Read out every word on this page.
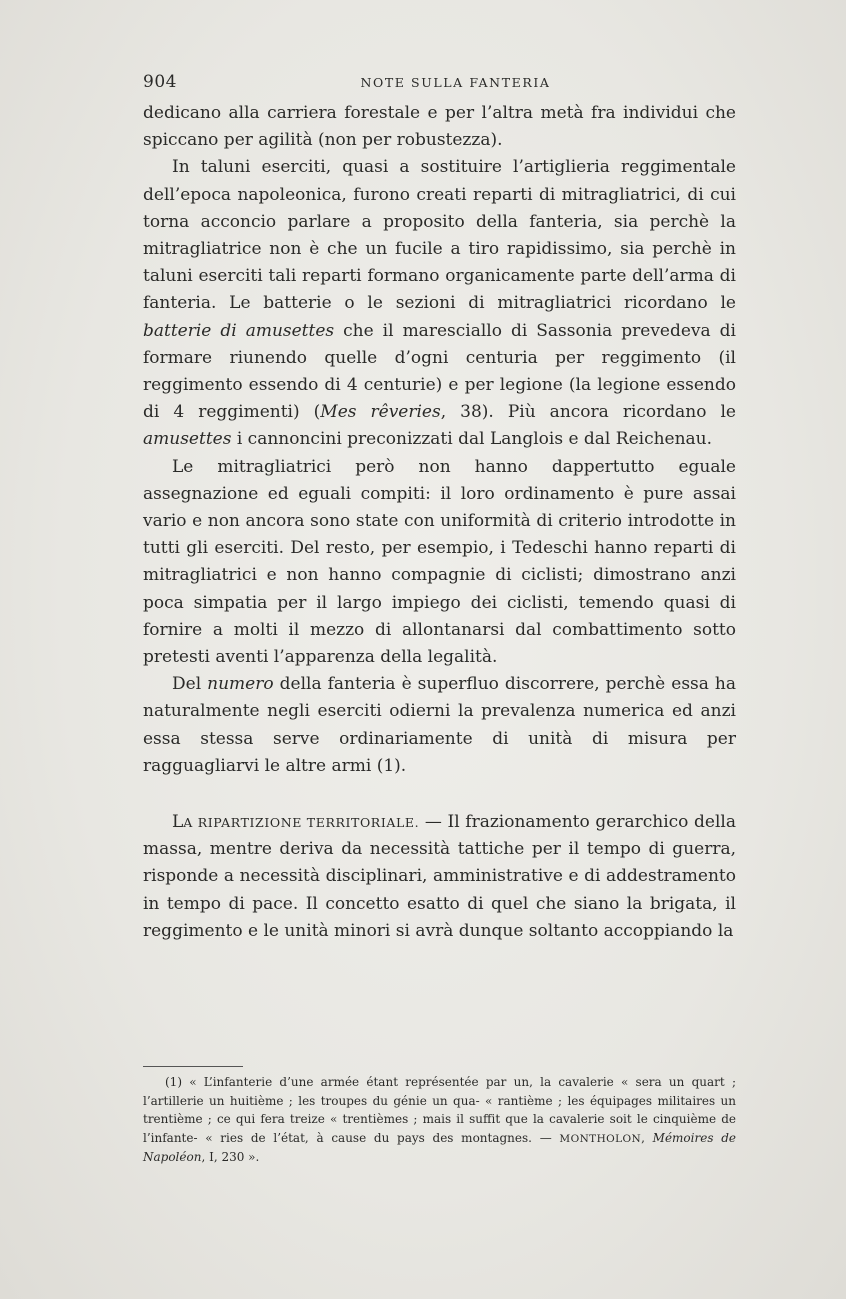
904	NOTE SULLA FANTERIA

dedicano alla carriera forestale e per l’altra metà fra individui che spiccano per agilità (non per robustezza).

In taluni eserciti, quasi a sostituire l’artiglieria reggimentale dell’epoca napoleonica, furono creati reparti di mitragliatrici, di cui torna acconcio parlare a proposito della fanteria, sia perchè la mitragliatrice non è che un fucile a tiro rapidissimo, sia perchè in taluni eserciti tali reparti formano organicamente parte dell’arma di fanteria. Le batterie o le sezioni di mitragliatrici ricordano le batterie di amusettes che il maresciallo di Sassonia prevedeva di formare riunendo quelle d’ogni centuria per reggimento (il reggimento essendo di 4 centurie) e per legione (la legione essendo di 4 reggimenti) (Mes rêveries, 38). Più ancora ricordano le amusettes i cannoncini preconizzati dal Langlois e dal Reichenau.

Le mitragliatrici però non hanno dappertutto eguale assegnazione ed eguali compiti: il loro ordinamento è pure assai vario e non ancora sono state con uniformità di criterio introdotte in tutti gli eserciti. Del resto, per esempio, i Tedeschi hanno reparti di mitragliatrici e non hanno compagnie di ciclisti; dimostrano anzi poca simpatia per il largo impiego dei ciclisti, temendo quasi di fornire a molti il mezzo di allontanarsi dal combattimento sotto pretesti aventi l’apparenza della legalità.

Del numero della fanteria è superfluo discorrere, perchè essa ha naturalmente negli eserciti odierni la prevalenza numerica ed anzi essa stessa serve ordinariamente di unità di misura per ragguagliarvi le altre armi (1).

LA RIPARTIZIONE TERRITORIALE. — Il frazionamento gerarchico della massa, mentre deriva da necessità tattiche per il tempo di guerra, risponde a necessità disciplinari, amministrative e di addestramento in tempo di pace. Il concetto esatto di quel che siano la brigata, il reggimento e le unità minori si avrà dunque soltanto accoppiando la

(1) « L’infanterie d’une armée étant représentée par un, la cavalerie « sera un quart ; l’artillerie un huitième ; les troupes du génie un qua- « rantième ; les équipages militaires un trentième ; ce qui fera treize « trentièmes ; mais il suffit que la cavalerie soit le cinquième de l’infante- « ries de l’état, à cause du pays des montagnes. — MONTHOLON, Mémoires de Napoléon, I, 230 ».
